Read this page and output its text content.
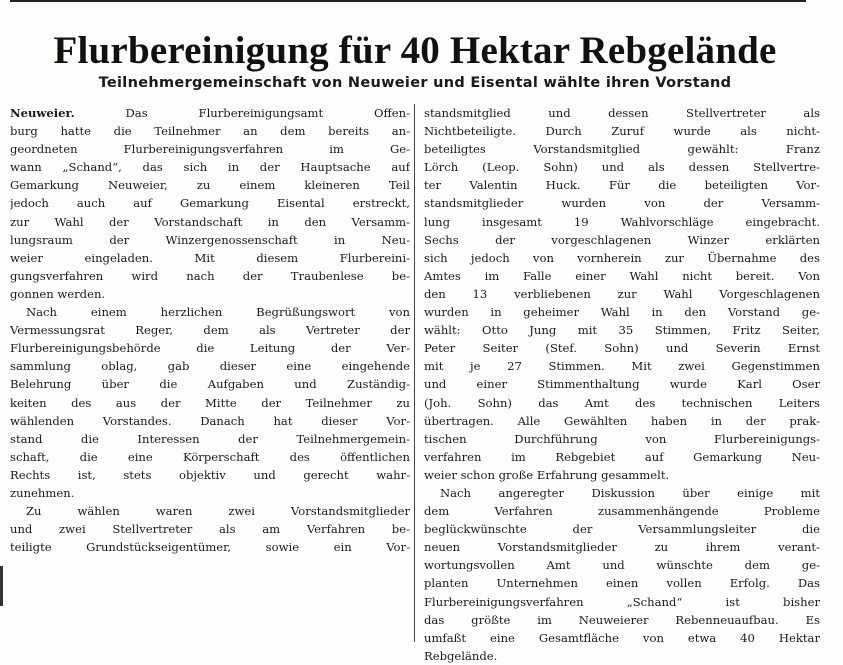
Flurbereinigung für 40 Hektar Rebgelände
Teilnehmergemeinschaft von Neuweier und Eisental wählte ihren Vorstand
Neuweier.	Das Flurbereinigungsamt Offen-
burg hatte die Teilnehmer an dem bereits an-
geordneten Flurbereinigungsverfahren im Ge-
wann „Schand“, das sich in der Hauptsache auf
Gemarkung Neuweier, zu einem kleineren Teil
jedoch auch auf Gemarkung Eisental erstreckt,
zur Wahl der Vorstandschaft in den Versamm-
lungsraum der Winzergenossenschaft in Neu-
weier eingeladen. Mit diesem Flurbereini-
gungsverfahren wird nach der Traubenlese be-
gonnen werden.
Nach einem herzlichen Begrüßungswort von
Vermessungsrat Reger, dem als Vertreter der
Flurbereinigungsbehörde die Leitung der Ver-
sammlung oblag, gab dieser eine eingehende
Belehrung über die Aufgaben und Zuständig-
keiten des aus der Mitte der Teilnehmer zu
wählenden Vorstandes. Danach hat dieser Vor-
stand die Interessen der Teilnehmergemein-
schaft, die eine Körperschaft des öffentlichen
Rechts ist, stets objektiv und gerecht wahr-
zunehmen.
Zu wählen waren zwei Vorstandsmitglieder
und zwei Stellvertreter als am Verfahren be-
teiligte Grundstückseigentümer, sowie ein Vor-
standsmitglied und dessen Stellvertreter als
Nichtbeteiligte. Durch Zuruf wurde als nicht-
beteiligtes Vorstandsmitglied gewählt: Franz
Lörch (Leop. Sohn) und als dessen Stellvertre-
ter Valentin Huck. Für die beteiligten Vor-
standsmitglieder wurden von der Versamm-
lung insgesamt 19 Wahlvorschläge eingebracht.
Sechs der vorgeschlagenen Winzer erklärten
sich jedoch von vornherein zur Übernahme des
Amtes im Falle einer Wahl nicht bereit. Von
den 13 verbliebenen zur Wahl Vorgeschlagenen
wurden in geheimer Wahl in den Vorstand ge-
wählt: Otto Jung mit 35 Stimmen, Fritz Seiter,
Peter Seiter (Stef. Sohn) und Severin Ernst
mit je 27 Stimmen. Mit zwei Gegenstimmen
und einer Stimmenthaltung wurde Karl Oser
(Joh. Sohn) das Amt des technischen Leiters
übertragen. Alle Gewählten haben in der prak-
tischen Durchführung von Flurbereinigungs-
verfahren im Rebgebiet auf Gemarkung Neu-
weier schon große Erfahrung gesammelt.
Nach angeregter Diskussion über einige mit
dem Verfahren zusammenhängende Probleme
beglückwünschte der Versammlungsleiter die
neuen Vorstandsmitglieder zu ihrem verant-
wortungsvollen Amt und wünschte dem ge-
planten Unternehmen einen vollen Erfolg. Das
Flurbereinigungsverfahren „Schand“ ist bisher
das größte im Neuweierer Rebenneuaufbau. Es
umfaßt eine Gesamtfläche von etwa 40 Hektar
Rebgelände.
